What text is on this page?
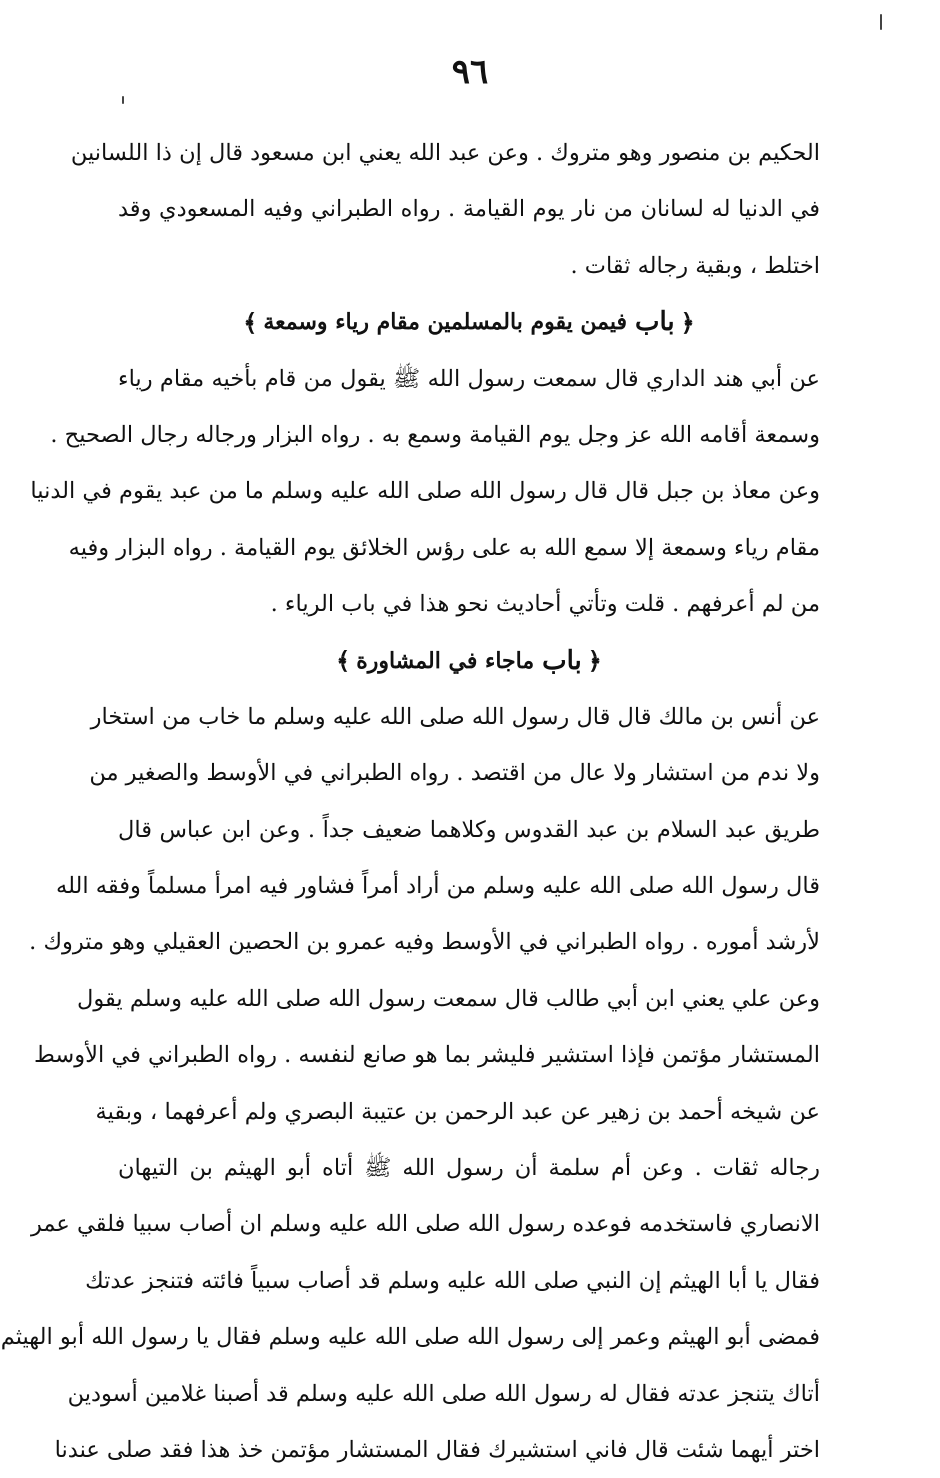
٩٦
الحكيم بن منصور وهو متروك . وعن عبد الله يعني ابن مسعود قال إن ذا اللسانين
في الدنيا له لسانان من نار يوم القيامة . رواه الطبراني وفيه المسعودي وقد
اختلط ، وبقية رجاله ثقات .
﴿
باب
فيمن يقوم بالمسلمين مقام رياء وسمعة
﴾
عن أبي هند الداري قال سمعت رسول الله ﷺ يقول من قام بأخيه مقام رياء
وسمعة أقامه الله عز وجل يوم القيامة وسمع به . رواه البزار ورجاله رجال الصحيح .
وعن معاذ بن جبل قال قال رسول الله صلى الله عليه وسلم ما من عبد يقوم في الدنيا
مقام رياء وسمعة إلا سمع الله به على رؤس الخلائق يوم القيامة . رواه البزار وفيه
من لم أعرفهم . قلت وتأتي أحاديث نحو هذا في باب الرياء .
﴿
باب
ماجاء في المشاورة
﴾
عن أنس بن مالك قال قال رسول الله صلى الله عليه وسلم ما خاب من استخار
ولا ندم من استشار ولا عال من اقتصد . رواه الطبراني في الأوسط والصغير من
طريق عبد السلام بن عبد القدوس وكلاهما ضعيف جداً . وعن ابن عباس قال
قال رسول الله صلى الله عليه وسلم من أراد أمراً فشاور فيه امرأ مسلماً وفقه الله
لأرشد أموره . رواه الطبراني في الأوسط وفيه عمرو بن الحصين العقيلي وهو متروك .
وعن علي يعني ابن أبي طالب قال سمعت رسول الله صلى الله عليه وسلم يقول
المستشار مؤتمن فإذا استشير فليشر بما هو صانع لنفسه . رواه الطبراني في الأوسط
عن شيخه أحمد بن زهير عن عبد الرحمن بن عتيبة البصري ولم أعرفهما ، وبقية
رجاله ثقات . وعن أم سلمة أن رسول الله ﷺ أتاه أبو الهيثم بن التيهان
الانصاري فاستخدمه فوعده رسول الله صلى الله عليه وسلم ان أصاب سبيا فلقي عمر
فقال يا أبا الهيثم إن النبي صلى الله عليه وسلم قد أصاب سبياً فائته فتنجز عدتك
فمضى أبو الهيثم وعمر إلى رسول الله صلى الله عليه وسلم فقال يا رسول الله أبو الهيثم
أتاك يتنجز عدته فقال له رسول الله صلى الله عليه وسلم قد أصبنا غلامين أسودين
اختر أيهما شئت قال فاني استشيرك فقال المستشار مؤتمن خذ هذا فقد صلى عندنا
